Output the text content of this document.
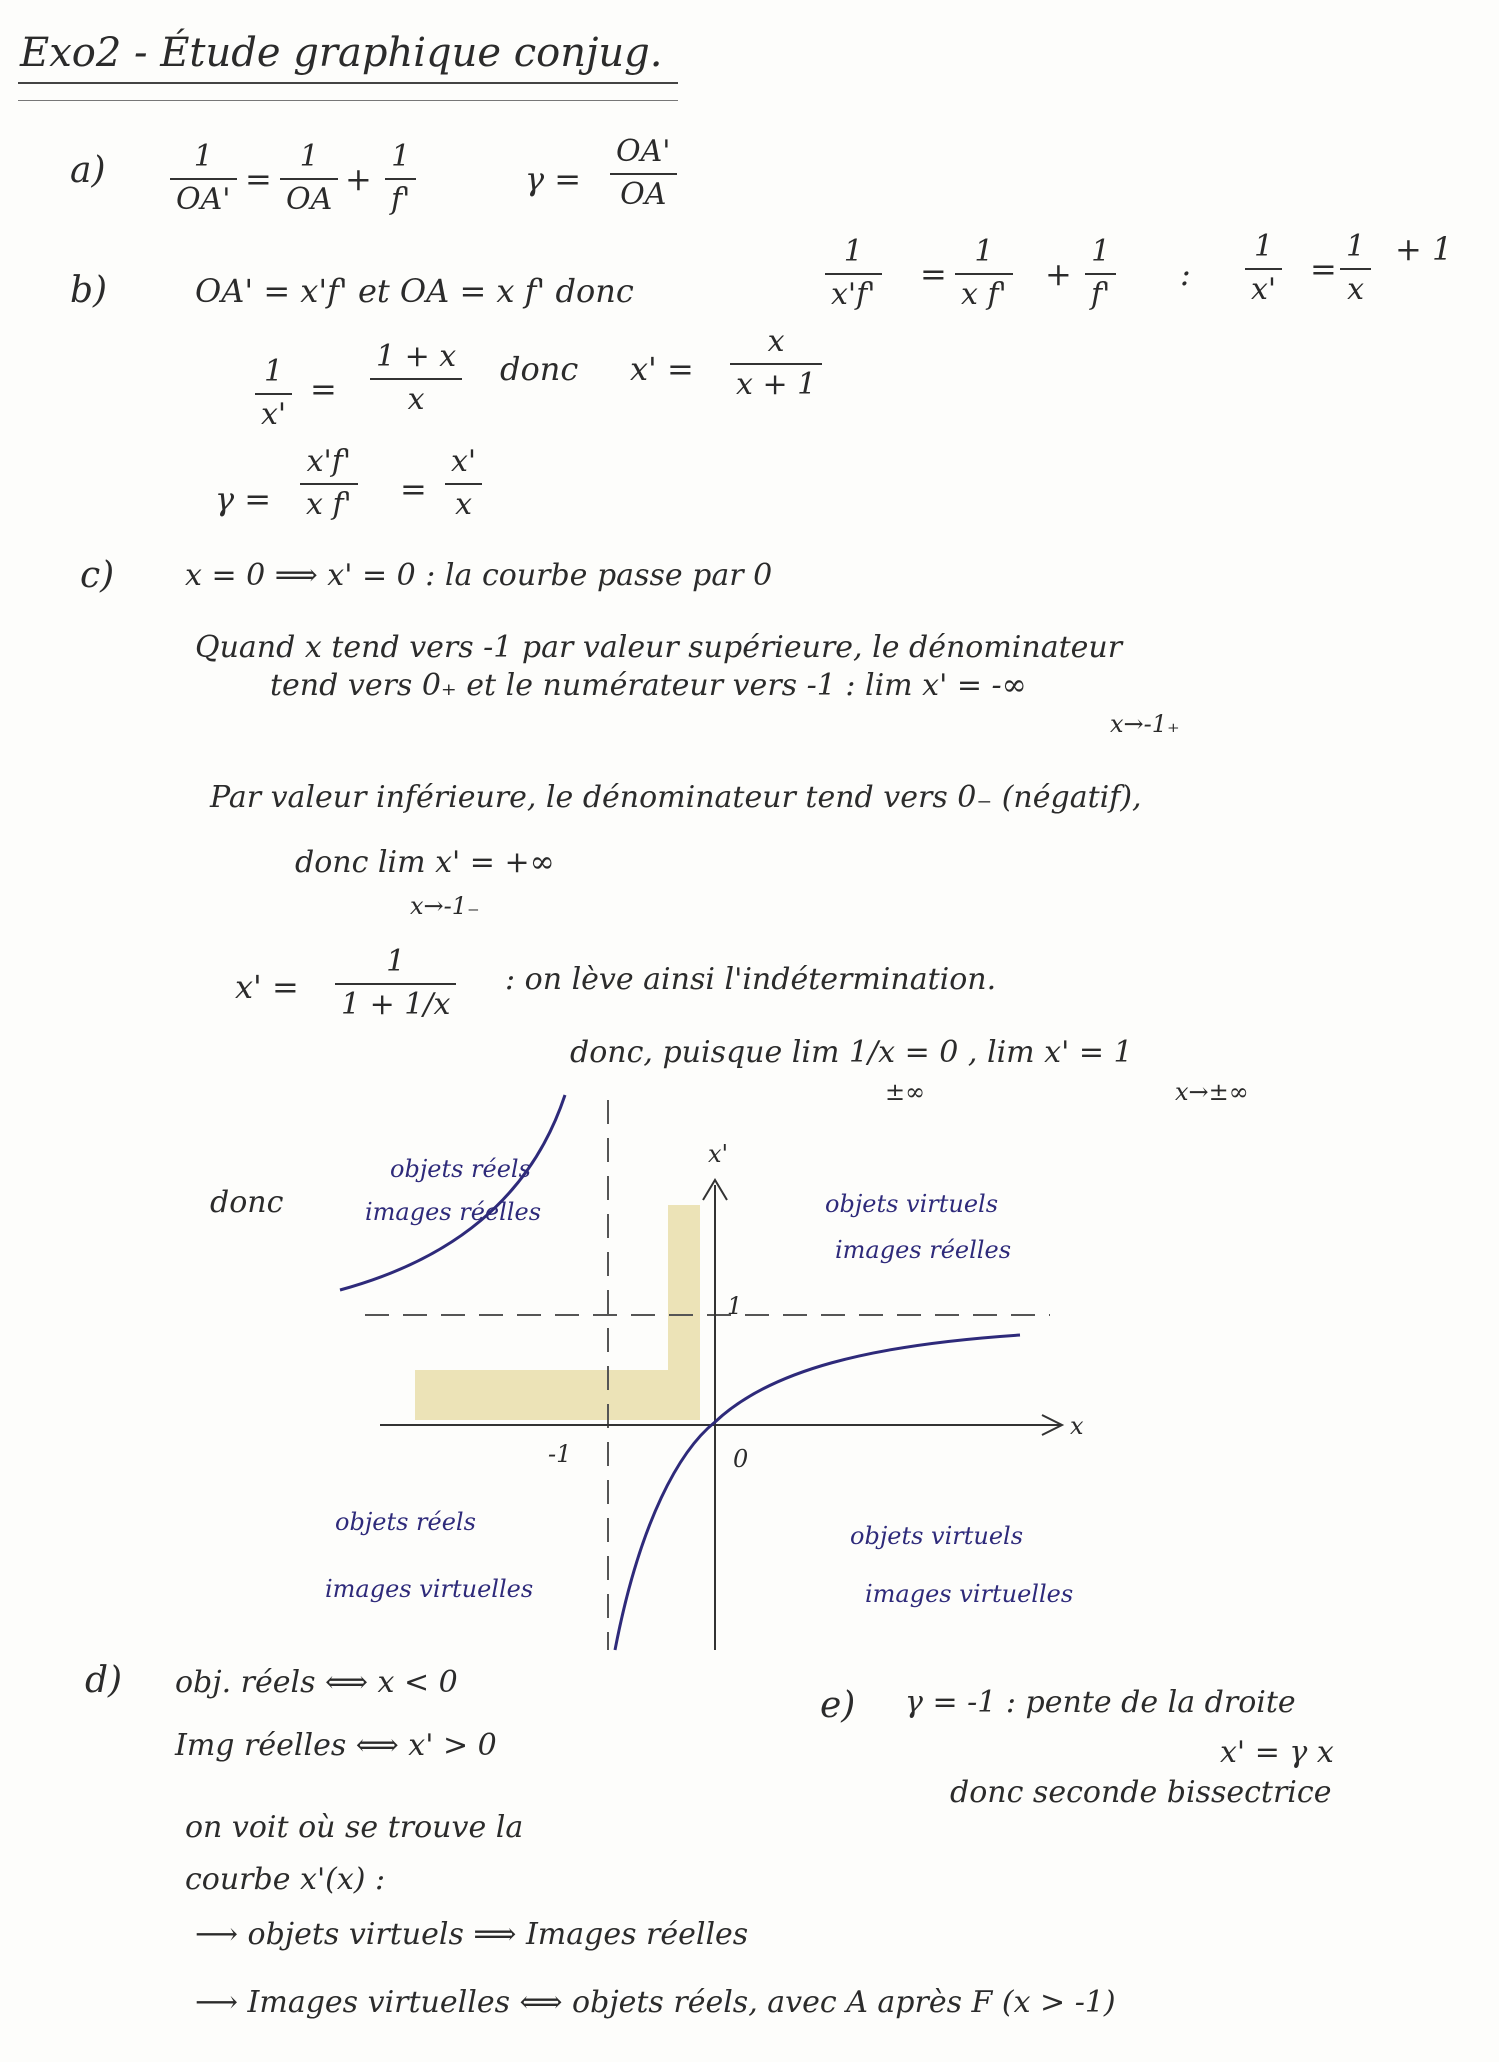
Exo2 - Étude graphique conjug.
a)	1
OA'
=
1
OA
+
1
f'
γ =
OA'
OA
b)	OA' = x'f' et OA = x f' donc
1
x'f'
=
1
x f'
+
1
f'
:
1
x'
=
1
x
+ 1
1
x'
=
1 + x
x
donc x' =
x
x + 1
γ =
x'f'
x f' =
x'
x
c) x = 0 ⟹ x' = 0 : la courbe passe par 0
Quand x tend vers -1 par valeur supérieure, le dénominateur
tend vers 0₊ et le numérateur vers -1 : lim x' = -∞
x→-1₊
Par valeur inférieure, le dénominateur tend vers 0₋ (négatif),
donc lim x' = +∞
x→-1₋
x' =
1
1 + 1/x
: on lève ainsi l'indétermination.
donc, puisque lim 1/x = 0 , lim x' = 1
±∞	x→±∞
donc
x'
x
1
-1	0
objets réels
images réelles	objets virtuels
images réelles
objets réels
images virtuelles
objets virtuels
images virtuelles
d) obj. réels ⟺ x < 0
Img réelles ⟺ x' > 0
on voit où se trouve la
courbe x'(x) :
⟶ objets virtuels ⟹ Images réelles
⟶ Images virtuelles ⟺ objets réels, avec A après F (x > -1)
e) γ = -1 : pente de la droite
x' = γ x
donc seconde bissectrice
